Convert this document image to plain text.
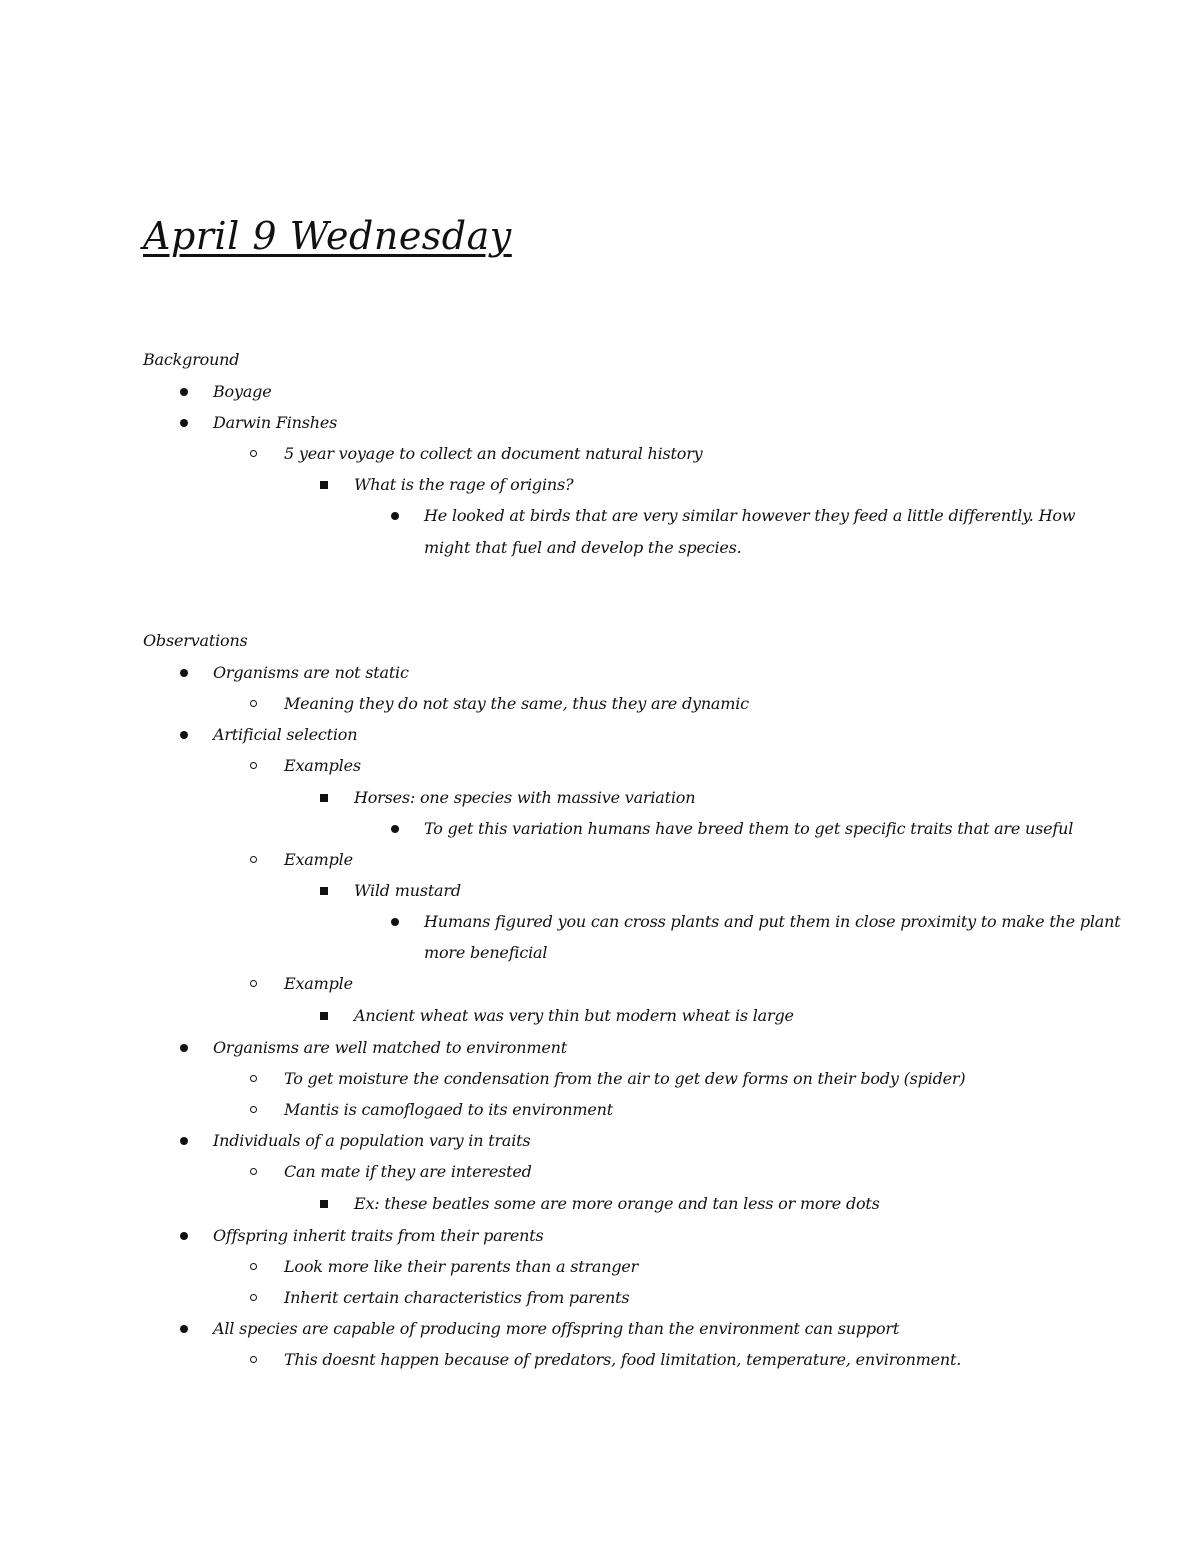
April 9 Wednesday
Background
Boyage
Darwin Finshes
5 year voyage to collect an document natural history
What is the rage of origins?
He looked at birds that are very similar however they feed a little differently. How
might that fuel and develop the species.
Observations
Organisms are not static
Meaning they do not stay the same, thus they are dynamic
Artificial selection
Examples
Horses: one species with massive variation
To get this variation humans have breed them to get specific traits that are useful
Example
Wild mustard
Humans figured you can cross plants and put them in close proximity to make the plant
more beneficial
Example
Ancient wheat was very thin but modern wheat is large
Organisms are well matched to environment
To get moisture the condensation from the air to get dew forms on their body (spider)
Mantis is camoflogaed to its environment
Individuals of a population vary in traits
Can mate if they are interested
Ex: these beatles some are more orange and tan less or more dots
Offspring inherit traits from their parents
Look more like their parents than a stranger
Inherit certain characteristics from parents
All species are capable of producing more offspring than the environment can support
This doesnt happen because of predators, food limitation, temperature, environment.
